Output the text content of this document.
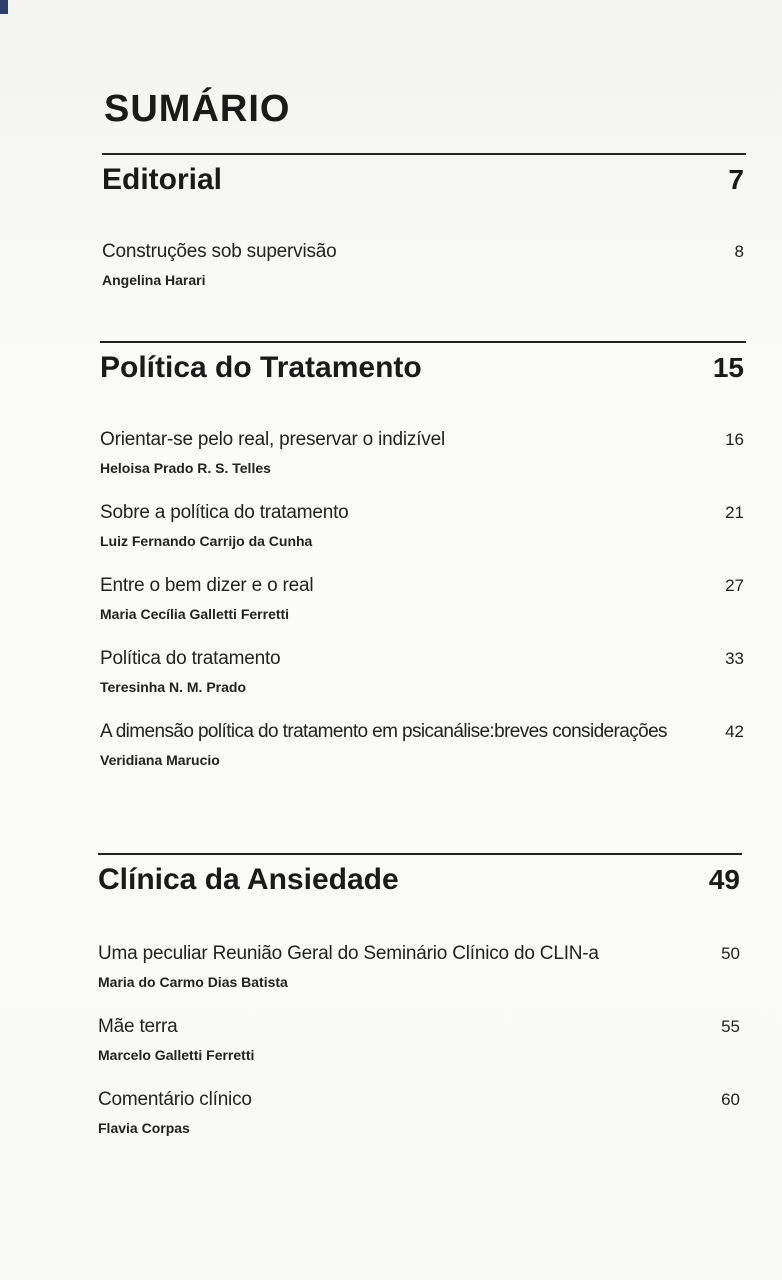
SUMÁRIO
Editorial	7
Construções sob supervisão	8
Angelina Harari
Política do Tratamento	15
Orientar-se pelo real, preservar o indizível	16
Heloisa Prado R. S. Telles
Sobre a política do tratamento	21
Luiz Fernando Carrijo da Cunha
Entre o bem dizer e o real	27
Maria Cecília Galletti Ferretti
Política do tratamento	33
Teresinha N. M. Prado
A dimensão política do tratamento em psicanálise:breves considerações	42
Veridiana Marucio
Clínica da Ansiedade	49
Uma peculiar Reunião Geral do Seminário Clínico do CLIN-a	50
Maria do Carmo Dias Batista
Mãe terra	55
Marcelo Galletti Ferretti
Comentário clínico	60
Flavia Corpas
